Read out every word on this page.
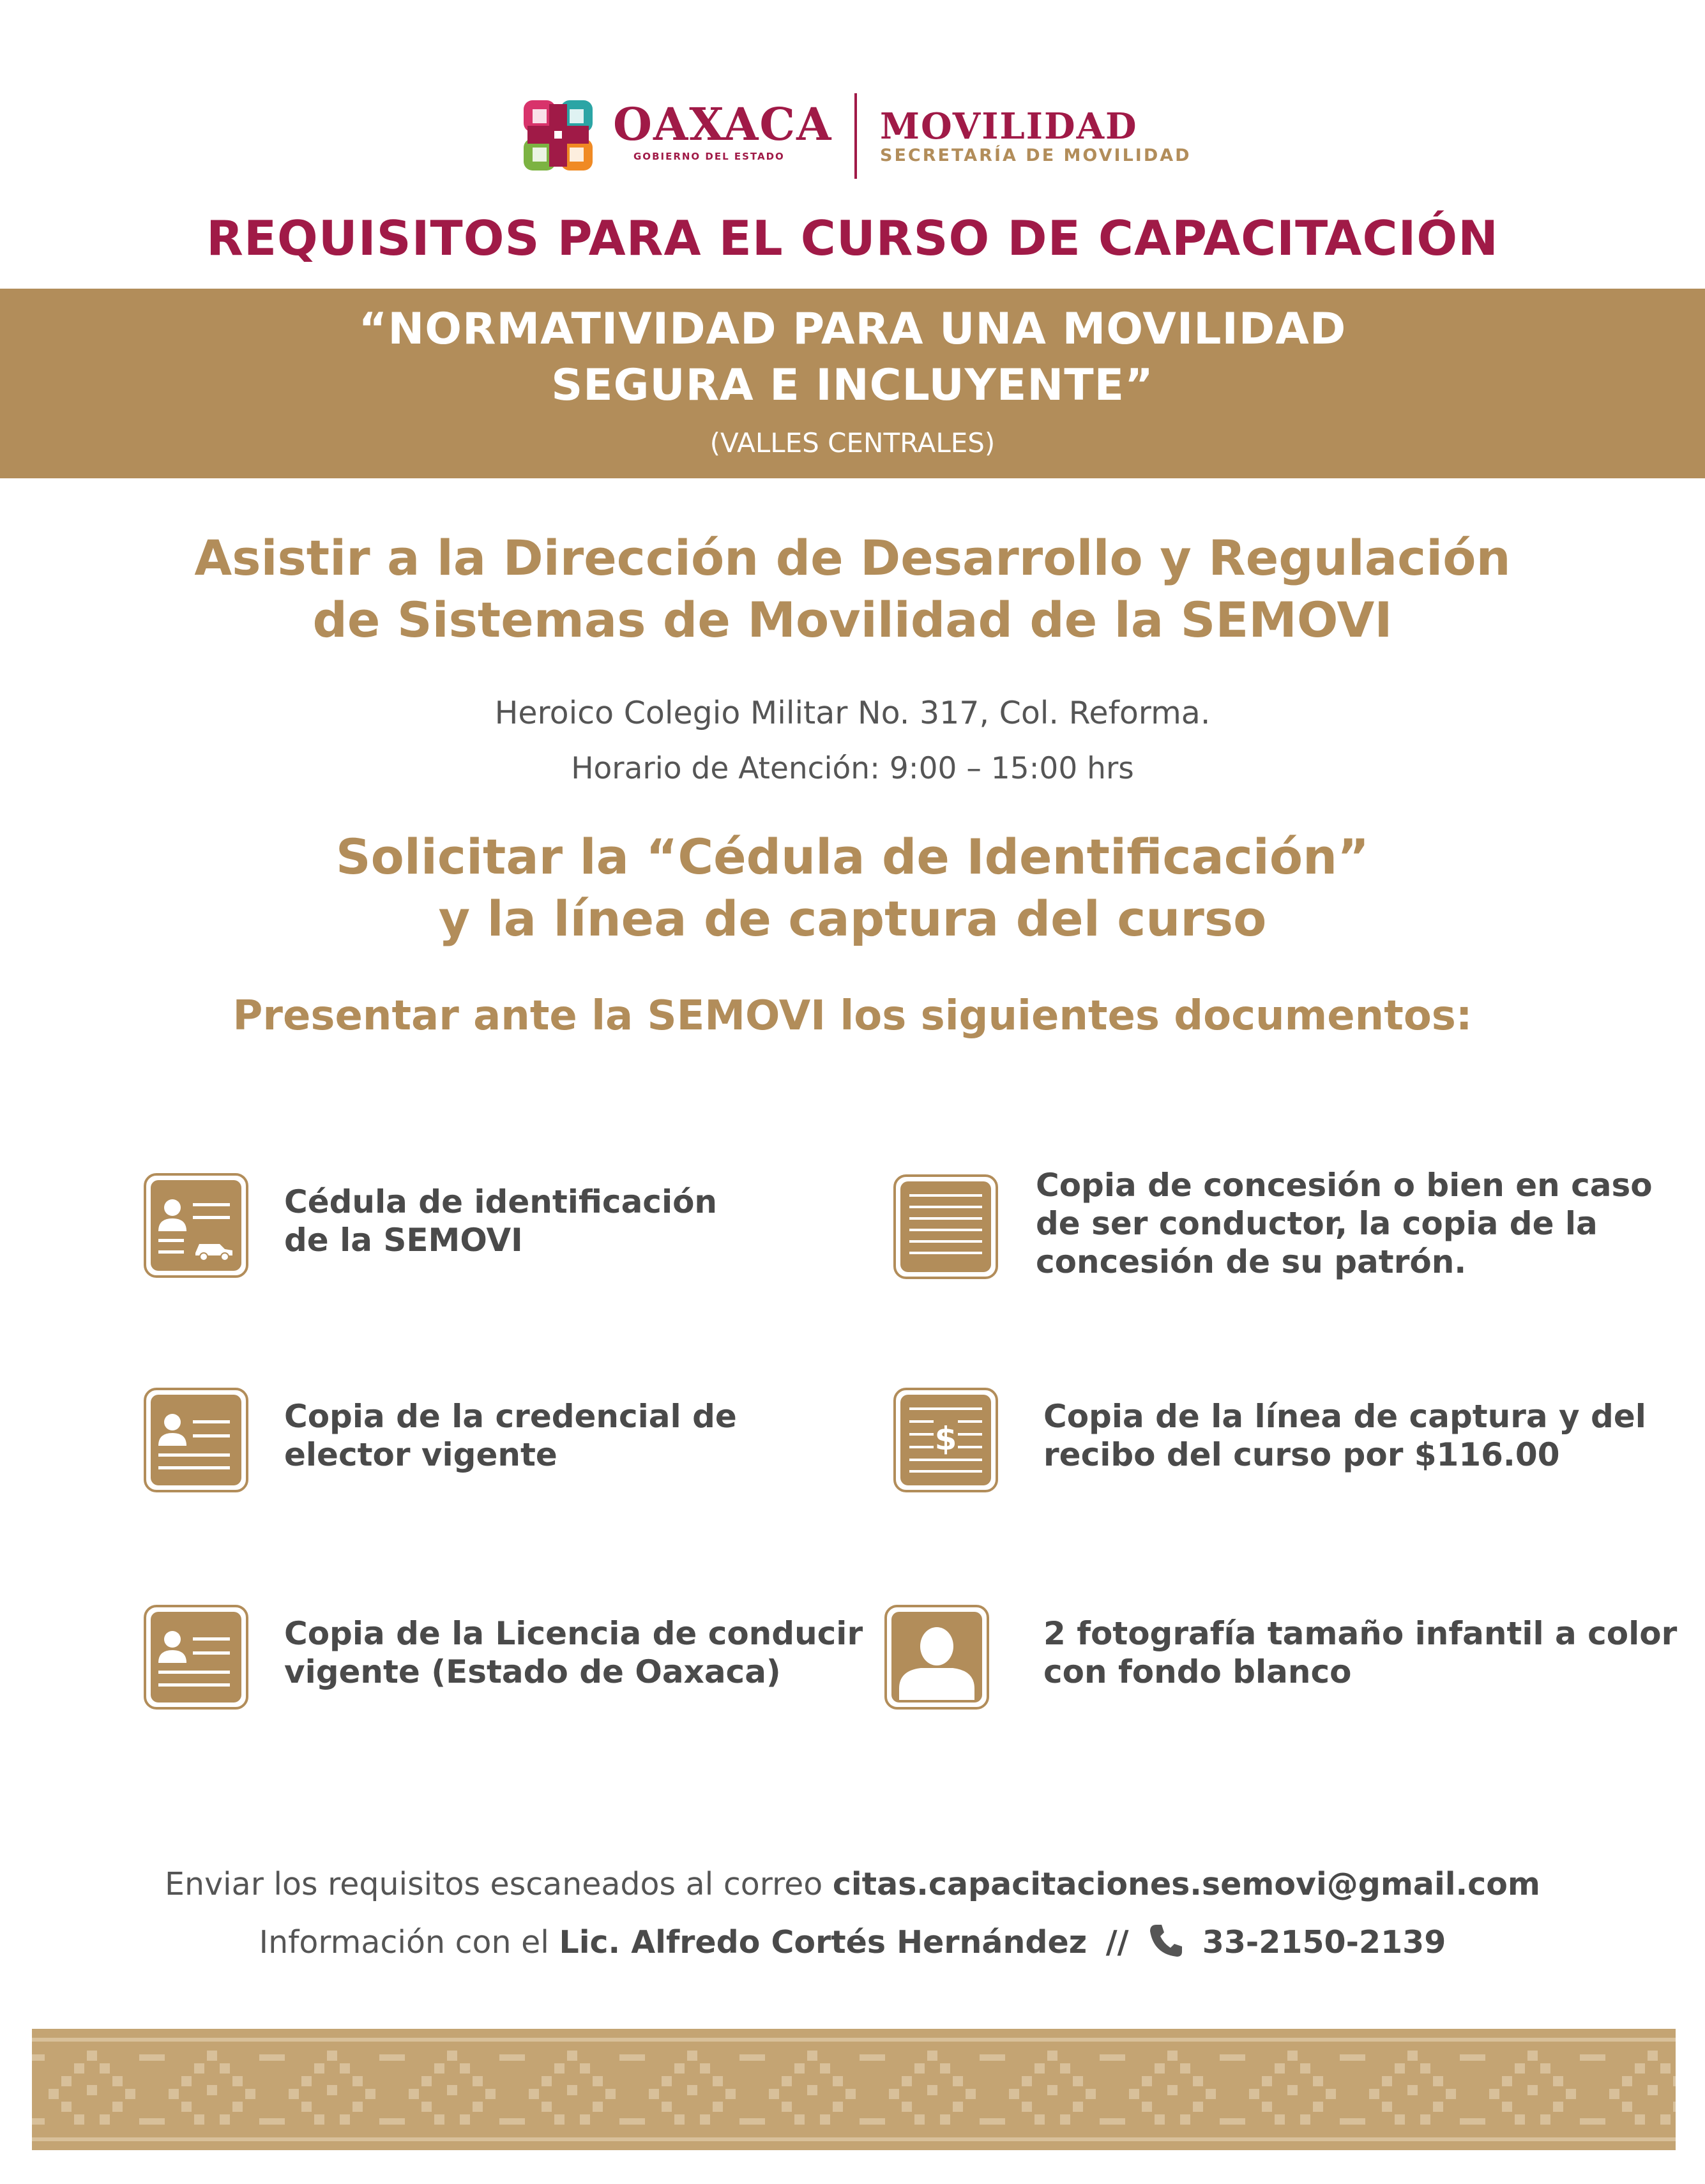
OAXACA
GOBIERNO DEL ESTADO
MOVILIDAD
SECRETARÍA DE MOVILIDAD
REQUISITOS PARA EL CURSO DE CAPACITACIÓN
“NORMATIVIDAD PARA UNA MOVILIDAD
SEGURA E INCLUYENTE”
(VALLES CENTRALES)
Asistir a la Dirección de Desarrollo y Regulación
de Sistemas de Movilidad de la SEMOVI
Heroico Colegio Militar No. 317, Col. Reforma.
Horario de Atención: 9:00 – 15:00 hrs
Solicitar la “Cédula de Identificación”
y la línea de captura del curso
Presentar ante la SEMOVI los siguientes documentos:
Cédula de identificación
de la SEMOVI
Copia de la credencial de
elector vigente
Copia de la Licencia de conducir
vigente (Estado de Oaxaca)
Copia de concesión o bien en caso
de ser conductor, la copia de la
concesión de su patrón.
$
Copia de la línea de captura y del
recibo del curso por $116.00
2 fotografía tamaño infantil a color
con fondo blanco
Enviar los requisitos escaneados al correo citas.capacitaciones.semovi@gmail.com
Información con el Lic. Alfredo Cortés Hernández // 33-2150-2139
